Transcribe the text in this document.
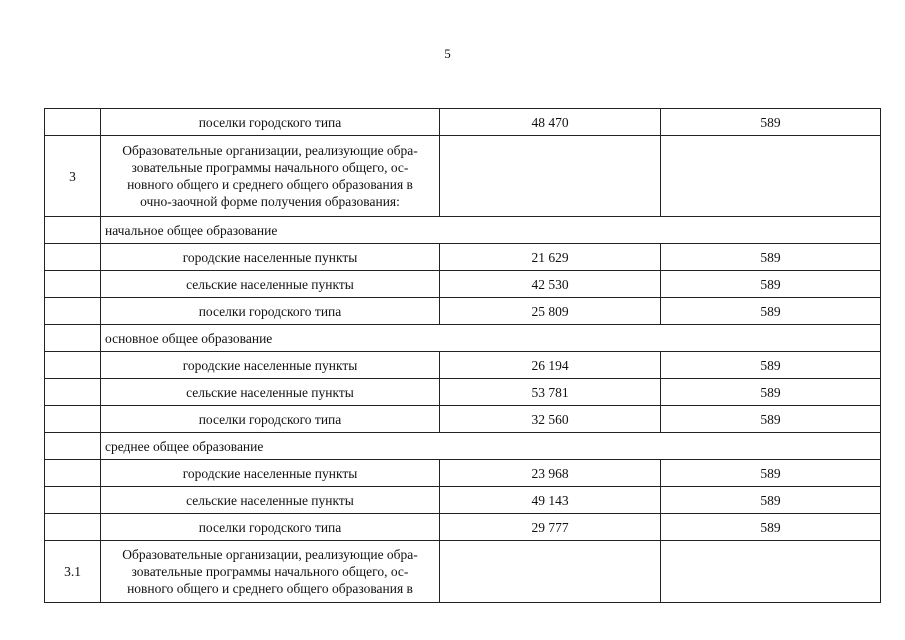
5
	поселки городского типа	48 470	589
3	Образовательные организации, реализующие обра-
зовательные программы начального общего, ос-
новного общего и среднего общего образования в
очно-заочной форме получения образования:		
	начальное общее образование		
	городские населенные пункты	21 629	589
	сельские населенные пункты	42 530	589
	поселки городского типа	25 809	589
	основное общее образование		
	городские населенные пункты	26 194	589
	сельские населенные пункты	53 781	589
	поселки городского типа	32 560	589
	среднее общее образование		
	городские населенные пункты	23 968	589
	сельские населенные пункты	49 143	589
	поселки городского типа	29 777	589
3.1	Образовательные организации, реализующие обра-
зовательные программы начального общего, ос-
новного общего и среднего общего образования в		
